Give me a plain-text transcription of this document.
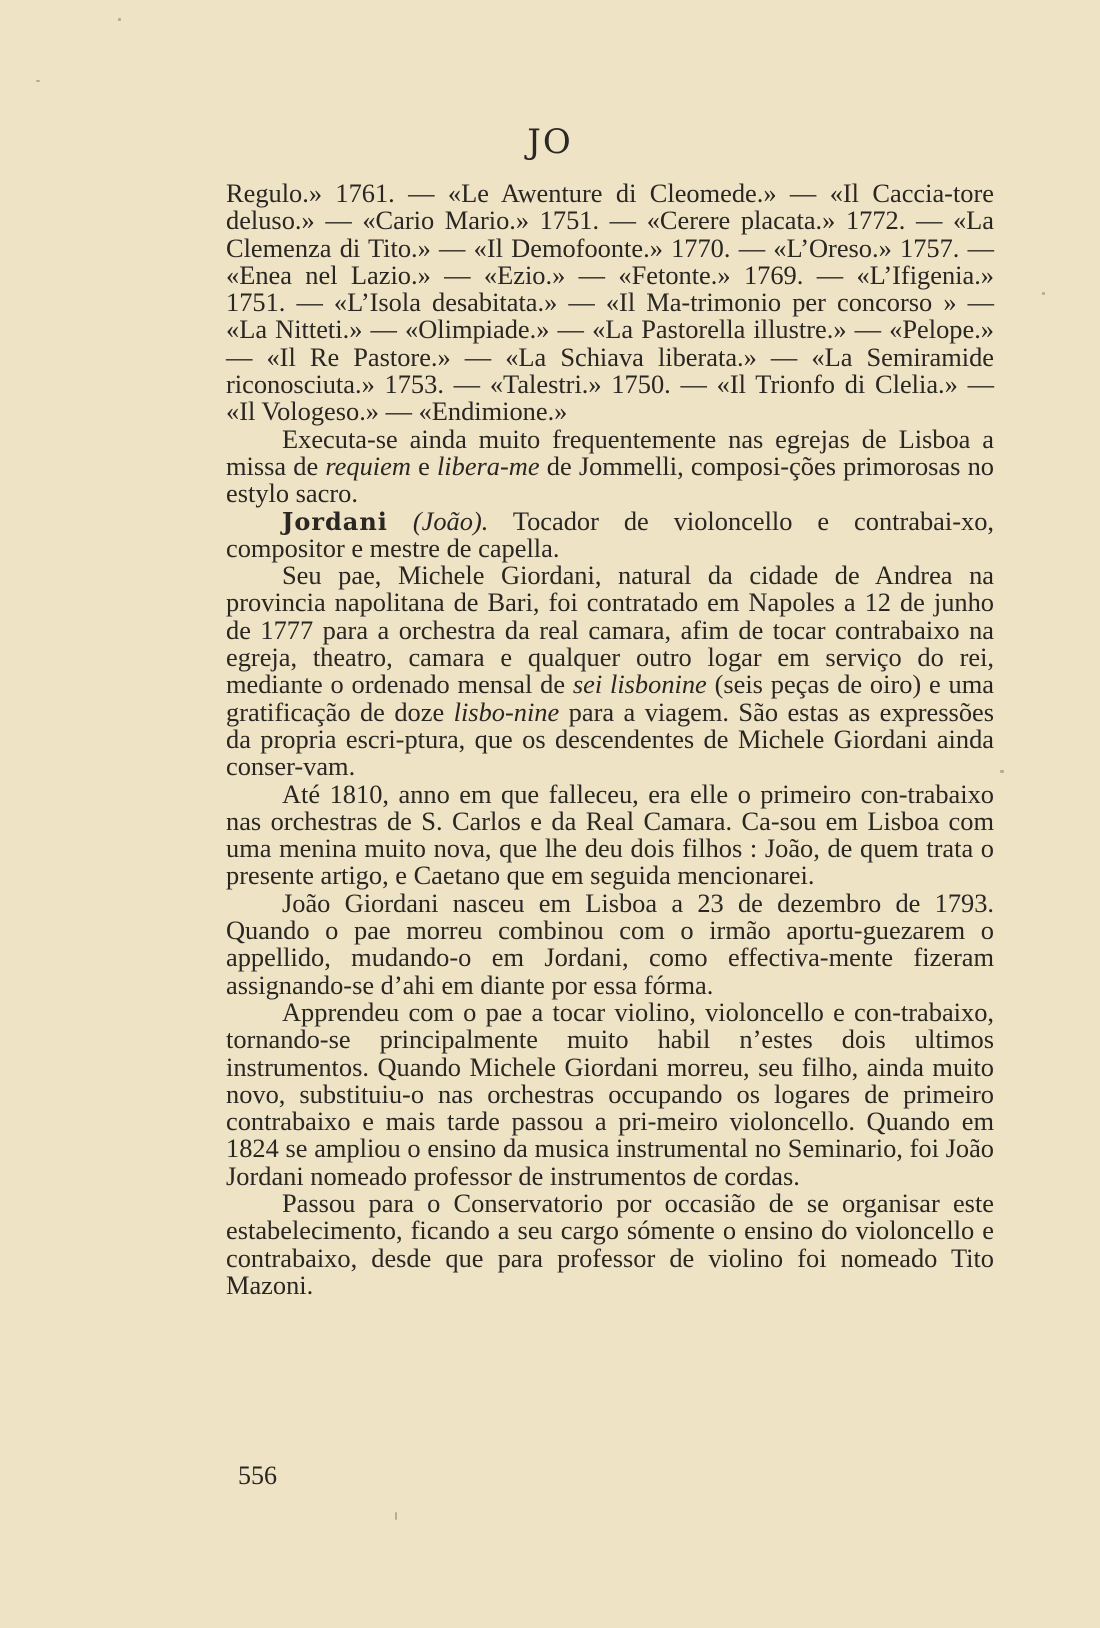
JO

Regulo.» 1761. — «Le Awenture di Cleomede.» — «Il Caccia-tore deluso.» — «Cario Mario.» 1751. — «Cerere placata.» 1772. — «La Clemenza di Tito.» — «Il Demofoonte.» 1770. — «L’Oreso.» 1757. — «Enea nel Lazio.» — «Ezio.» — «Fetonte.» 1769. — «L’Ifigenia.» 1751. — «L’Isola desabitata.» — «Il Ma-trimonio per concorso » — «La Nitteti.» — «Olimpiade.» — «La Pastorella illustre.» — «Pelope.» — «Il Re Pastore.» — «La Schiava liberata.» — «La Semiramide riconosciuta.» 1753. — «Talestri.» 1750. — «Il Trionfo di Clelia.» — «Il Vologeso.» — «Endimione.»

Executa-se ainda muito frequentemente nas egrejas de Lisboa a missa de requiem e libera-me de Jommelli, composi-ções primorosas no estylo sacro.

Jordani (João). Tocador de violoncello e contrabai-xo, compositor e mestre de capella.

Seu pae, Michele Giordani, natural da cidade de Andrea na provincia napolitana de Bari, foi contratado em Napoles a 12 de junho de 1777 para a orchestra da real camara, afim de tocar contrabaixo na egreja, theatro, camara e qualquer outro logar em serviço do rei, mediante o ordenado mensal de sei lisbonine (seis peças de oiro) e uma gratificação de doze lisbo-nine para a viagem. São estas as expressões da propria escri-ptura, que os descendentes de Michele Giordani ainda conser-vam.

Até 1810, anno em que falleceu, era elle o primeiro con-trabaixo nas orchestras de S. Carlos e da Real Camara. Ca-sou em Lisboa com uma menina muito nova, que lhe deu dois filhos : João, de quem trata o presente artigo, e Caetano que em seguida mencionarei.

João Giordani nasceu em Lisboa a 23 de dezembro de 1793. Quando o pae morreu combinou com o irmão aportu-guezarem o appellido, mudando-o em Jordani, como effectiva-mente fizeram assignando-se d’ahi em diante por essa fórma.

Apprendeu com o pae a tocar violino, violoncello e con-trabaixo, tornando-se principalmente muito habil n’estes dois ultimos instrumentos. Quando Michele Giordani morreu, seu filho, ainda muito novo, substituiu-o nas orchestras occupando os logares de primeiro contrabaixo e mais tarde passou a pri-meiro violoncello. Quando em 1824 se ampliou o ensino da musica instrumental no Seminario, foi João Jordani nomeado professor de instrumentos de cordas.

Passou para o Conservatorio por occasião de se organisar este estabelecimento, ficando a seu cargo sómente o ensino do violoncello e contrabaixo, desde que para professor de violino foi nomeado Tito Mazoni.

556
